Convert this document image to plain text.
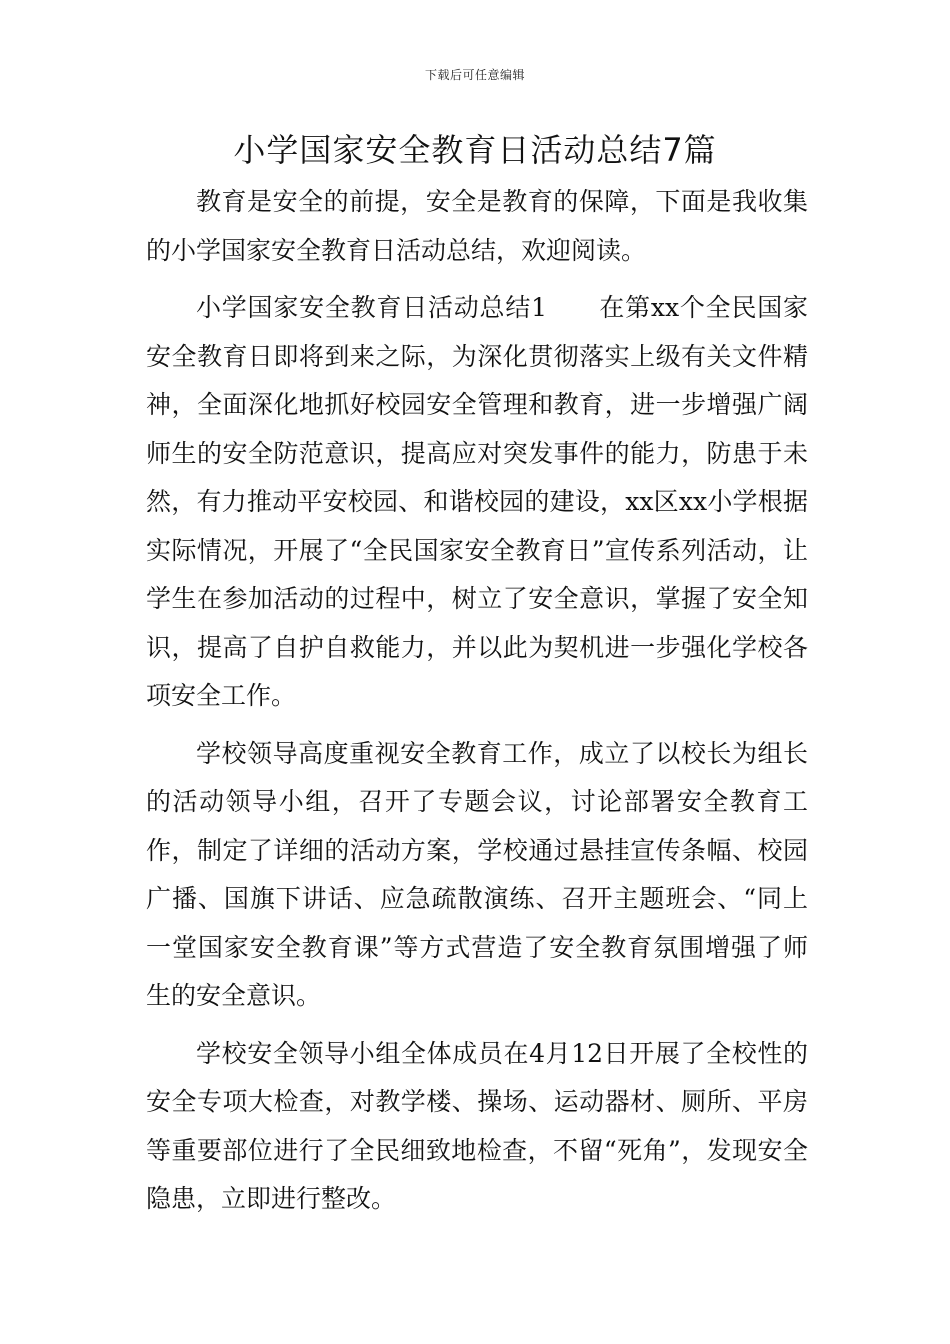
下载后可任意编辑
小学国家安全教育日活动总结7篇

教育是安全的前提，安全是教育的保障，下面是我收集的小学国家安全教育日活动总结，欢迎阅读。

小学国家安全教育日活动总结1　　在第xx个全民国家安全教育日即将到来之际，为深化贯彻落实上级有关文件精神，全面深化地抓好校园安全管理和教育，进一步增强广阔师生的安全防范意识，提高应对突发事件的能力，防患于未然，有力推动平安校园、和谐校园的建设，xx区xx小学根据实际情况，开展了“全民国家安全教育日”宣传系列活动，让学生在参加活动的过程中，树立了安全意识，掌握了安全知识，提高了自护自救能力，并以此为契机进一步强化学校各项安全工作。

学校领导高度重视安全教育工作，成立了以校长为组长的活动领导小组，召开了专题会议，讨论部署安全教育工作，制定了详细的活动方案，学校通过悬挂宣传条幅、校园广播、国旗下讲话、应急疏散演练、召开主题班会、“同上一堂国家安全教育课”等方式营造了安全教育氛围增强了师生的安全意识。

学校安全领导小组全体成员在4月12日开展了全校性的安全专项大检查，对教学楼、操场、运动器材、厕所、平房等重要部位进行了全民细致地检查，不留“死角”，发现安全隐患，立即进行整改。
